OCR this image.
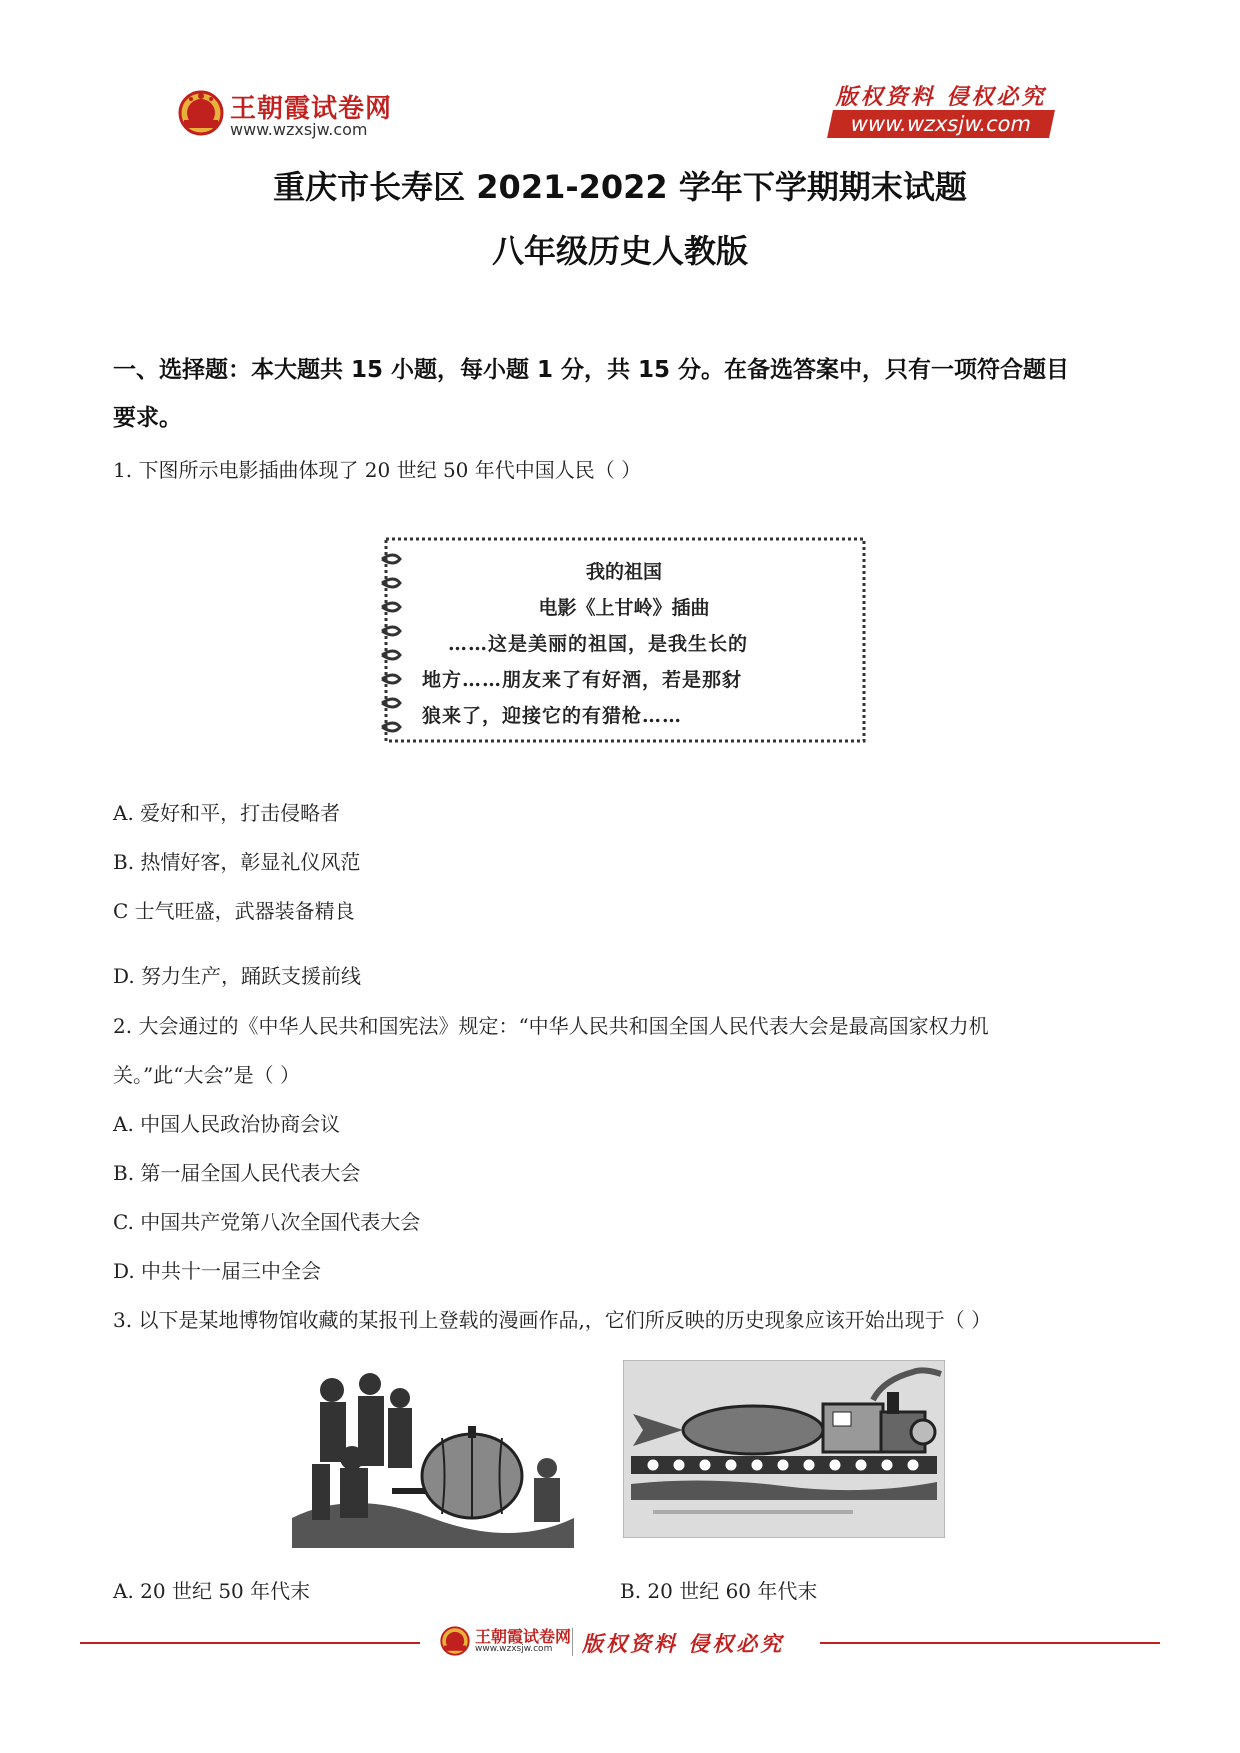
王朝霞试卷网
www.wzxsjw.com
版权资料 侵权必究
www.wzxsjw.com
重庆市长寿区 2021-2022 学年下学期期末试题
八年级历史人教版
一、选择题：本大题共 15 小题，每小题 1 分，共 15 分。在备选答案中，只有一项符合题目
要求。
1. 下图所示电影插曲体现了 20 世纪 50 年代中国人民（ ）
我的祖国
电影《上甘岭》插曲
……这是美丽的祖国，是我生长的
地方……朋友来了有好酒，若是那豺
狼来了，迎接它的有猎枪……
A. 爱好和平，打击侵略者
B. 热情好客，彰显礼仪风范
C 士气旺盛，武器装备精良
D. 努力生产，踊跃支援前线
2. 大会通过的《中华人民共和国宪法》规定：“中华人民共和国全国人民代表大会是最高国家权力机
关。”此“大会”是（ ）
A. 中国人民政治协商会议
B. 第一届全国人民代表大会
C. 中国共产党第八次全国代表大会
D. 中共十一届三中全会
3. 以下是某地博物馆收藏的某报刊上登载的漫画作品,，它们所反映的历史现象应该开始出现于（ ）
A. 20 世纪 50 年代末	B. 20 世纪 60 年代末
王朝霞试卷网
www.wzxsjw.com 版权资料 侵权必究
